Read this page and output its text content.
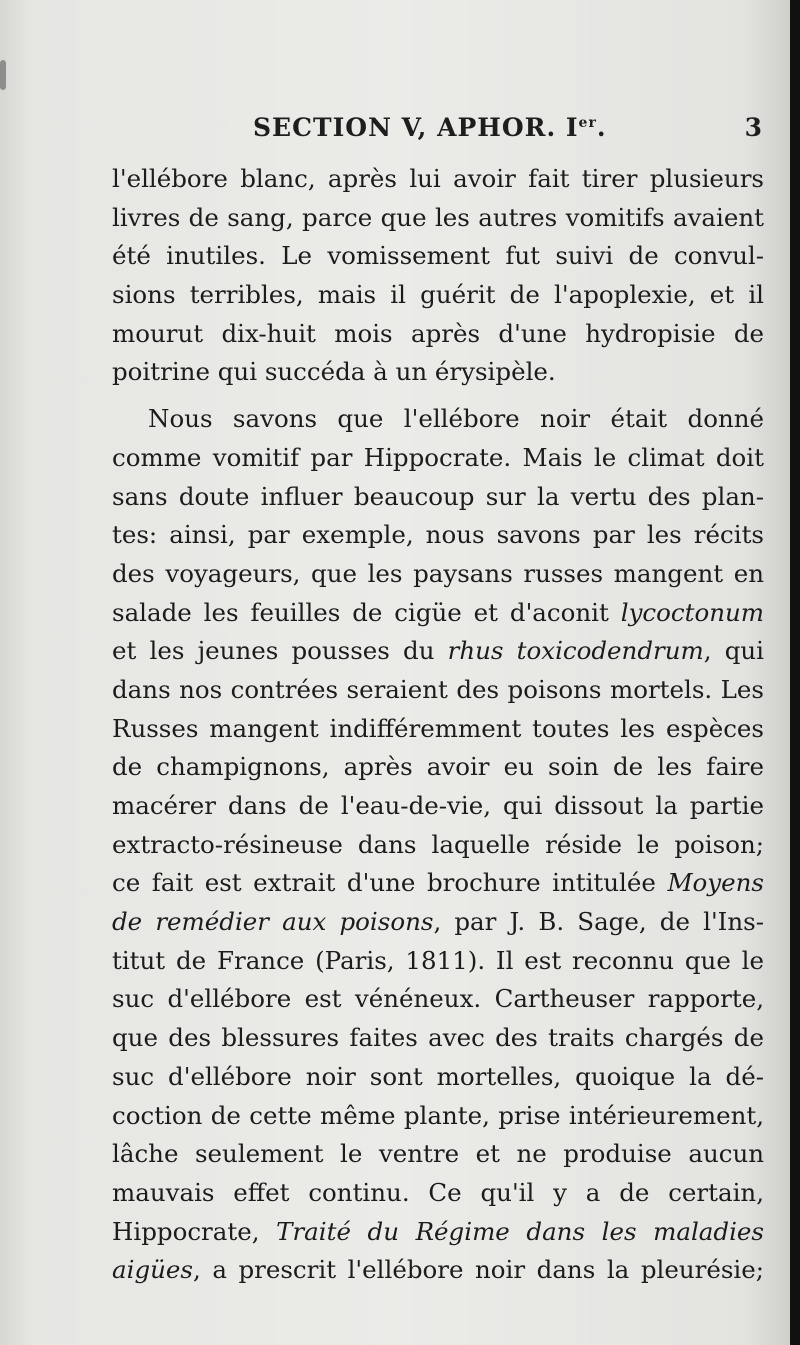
SECTION V, APHOR. Ier.	3
l'ellébore blanc, après lui avoir fait tirer plusieurs
livres de sang, parce que les autres vomitifs avaient
été inutiles. Le vomissement fut suivi de convul-
sions terribles, mais il guérit de l'apoplexie, et il
mourut dix-huit mois après d'une hydropisie de
poitrine qui succéda à un érysipèle.
Nous savons que l'ellébore noir était donné
comme vomitif par Hippocrate. Mais le climat doit
sans doute influer beaucoup sur la vertu des plan-
tes: ainsi, par exemple, nous savons par les récits
des voyageurs, que les paysans russes mangent en
salade les feuilles de cigüe et d'aconit lycoctonum
et les jeunes pousses du rhus toxicodendrum, qui
dans nos contrées seraient des poisons mortels. Les
Russes mangent indifféremment toutes les espèces
de champignons, après avoir eu soin de les faire
macérer dans de l'eau-de-vie, qui dissout la partie
extracto-résineuse dans laquelle réside le poison;
ce fait est extrait d'une brochure intitulée Moyens
de remédier aux poisons, par J. B. Sage, de l'Ins-
titut de France (Paris, 1811). Il est reconnu que le
suc d'ellébore est vénéneux. Cartheuser rapporte,
que des blessures faites avec des traits chargés de
suc d'ellébore noir sont mortelles, quoique la dé-
coction de cette même plante, prise intérieurement,
lâche seulement le ventre et ne produise aucun
mauvais effet continu. Ce qu'il y a de certain,
Hippocrate, Traité du Régime dans les maladies
aigües, a prescrit l'ellébore noir dans la pleurésie;
